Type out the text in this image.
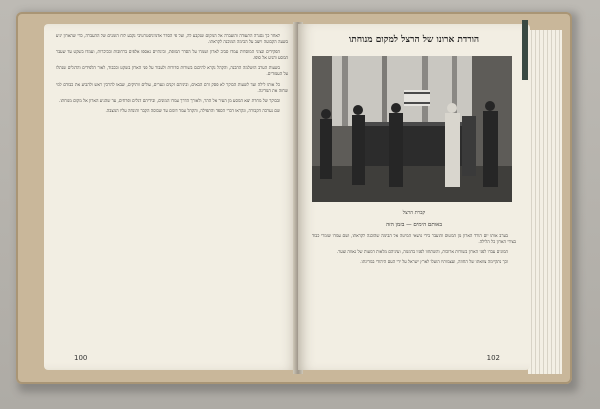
לאחר כך נסגרה התעודה והועברה אל המקום שנקבע לה, ועל פי הסדר אדמיניסטרטיבי נקבע לוח הזמנים של ההעברה, כדי שהארון יגיע בשעה הקבועה ויוצב על הבימה המוכנה לקראתו.

הפקידים ונציגי המוסדות עמדו סביב לארון ושמרו על הסדר המופת, ובינתיים נאספו אלפים ברחובות ובכיכרות, ועמדו בשקט עד שעבר המסע והגיע אל סופו.

בשעות הערב הושלמה ההכנה, והקהל נקרא להיכנס בשורות סדורות ולעבור על פני הארון בשקט ובכבוד, לאור הלפידים והדגלים שנתלו על העמודים.

כל אותו לילה ועד לשעות הבוקר לא פסק זרם הבאים, וביניהם זקנים ונערים, עולים וותיקים, שבאו להרכין ראש ולהביע את כבודם למי שחזה את המדינה.

ובבוקר של מחרת יצא המסע מן העיר אל ההר, ולאורך הדרך עמדו המונים, ובידיהם דגלים ופרחים, עד שהגיע הארון אל מקום מנוחתו.

שם נערכה הקבורה, ונקראו דברי הספד והתפילה, והקהל עמד דומם עד שכוסה הקבר והונחה עליו המצבה.

100
הורדת ארונו של הרצל למקום מנוחתו
קברת הרצל
באותם הימים — בזמן הזה

בערב אותו יום הורד הארון מן המטוס והועבר בידי נושאי המיטה אל הבימה שהוכנה לקראתו, ושם עמדו שומרי כבוד בצידי הארון כל הלילה.

המונים עברו לפני הארון בשורות ארוכות, והשתחוו לפניו בדממה, ועיניהם מלאות דמעות של גאווה וצער.

וכך נתקיימה צוואתו של החוזה, ועצמותיו הועלו לארץ ישראל על ידי העם היהודי במדינתו.

102
